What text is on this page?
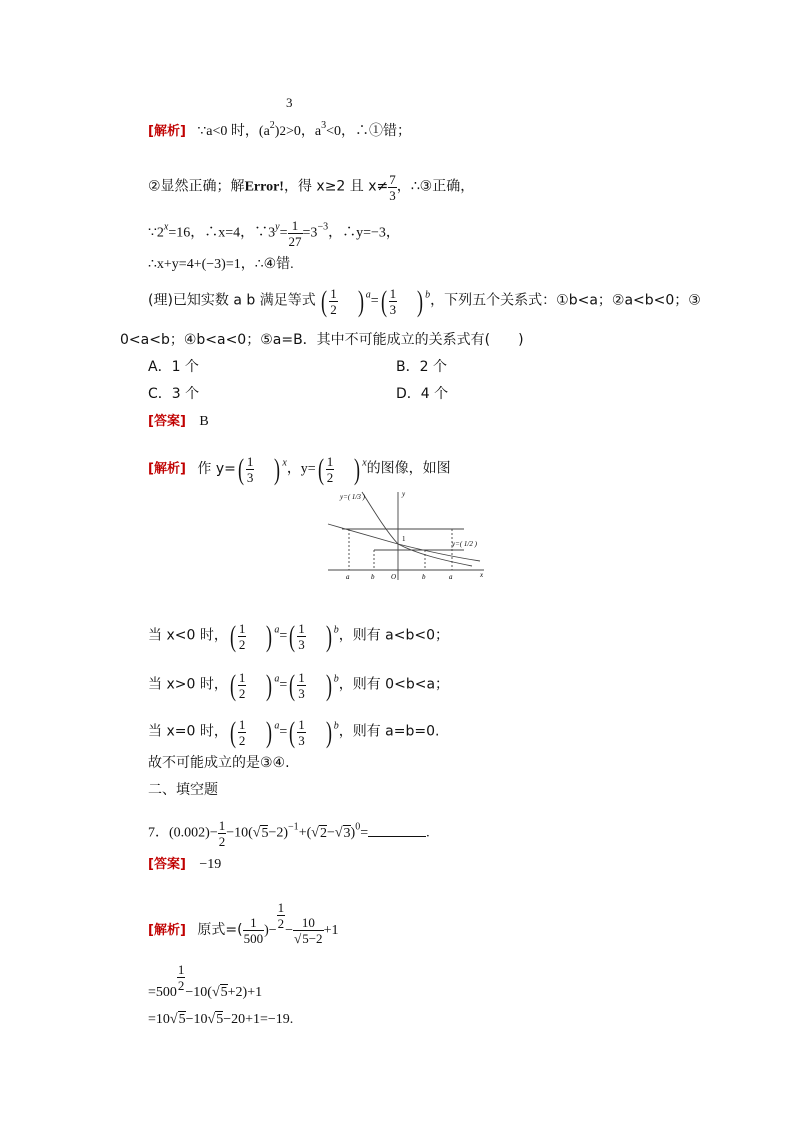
3
[解析] ∵a<0 时，$(a^2)2>0$，$a^3<0$，∴①错；
②显然正确；解Error!，得 x≥2 且 $x\ne \frac{7}{3}$ ，∴③正确，
$\because 2^x=16$，∴x=4，$\because 3^y= \frac{1}{27} =3^{-3}$，∴y=−3，
∴x+y=4+(−3)=1，∴④错.
(理)已知实数 a b 满足等式 ( $\frac{1}{2}$ ) $^a=( \frac{1}{3}$ ) $^b$，下列五个关系式：①b<a；②a<b<0；③
0<a<b；④b<a<0；⑤a=B．其中不可能成立的关系式有(　　)
A．1 个	B．2 个
C．3 个	D．4 个
[答案] B
[解析] 作 $y=( \frac{1}{3}$ ) $^x$，$y=( \frac{1}{2}$ ) $^x$的图像，如图
y=( 1/3 )
y=( 1/2 )
y
x
O
1
a	b	b	a
当 x<0 时，( $\frac{1}{2}$ ) $^a=( \frac{1}{3}$ ) $^b$，则有 a<b<0；
当 x>0 时，( $\frac{1}{2}$ ) $^a=( \frac{1}{3}$ ) $^b$，则有 0<b<a；
当 x=0 时，( $\frac{1}{2}$ ) $^a=( \frac{1}{3}$ ) $^b$，则有 a=b=0.
故不可能成立的是③④.
二、填空题
7．$(0.002)- \frac{1}{2} -10(√5-2)^{-1}+(√2-√3)^0=$	.
[答案] −19
[解析] 原式=( $\frac{1}{500}$ )− $\frac{1}{2} - \frac{10}{√5-2} +1$
$=500 \frac{1}{2} -10(√5+2)+1$
=10√5−10√5−20+1=−19.
